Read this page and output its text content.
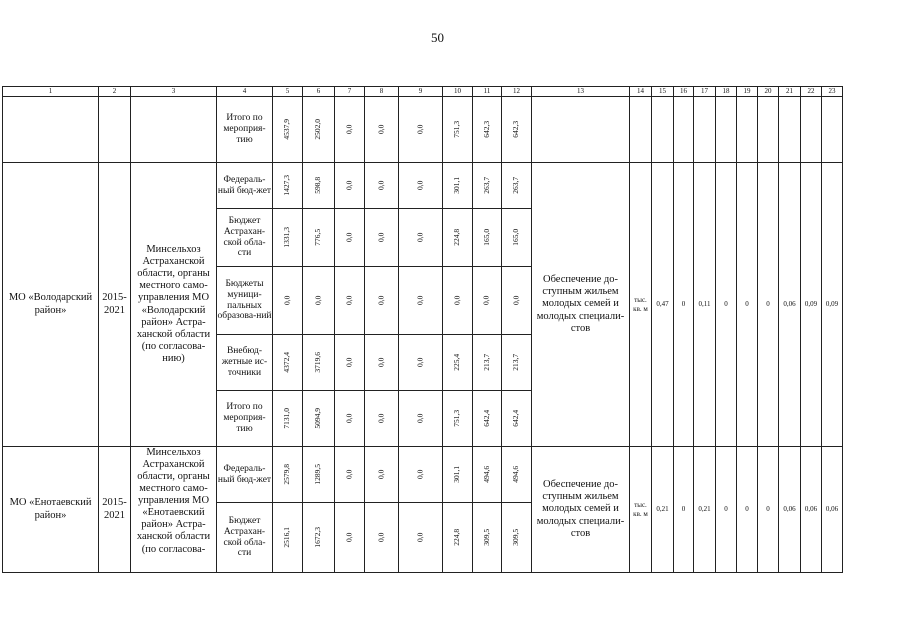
50
1	2	3	4	5	6	7	8	9	10	11	12	13	14	15	16	17	18	19	20	21	22	23
			Итого по мероприя-тию	4537,9	2502,0	0,0	0,0	0,0	751,3	642,3	642,3											
МО «Володарский район»	2015-2021	Минсельхоз Астраханской области, органы местного само-управления МО «Володарский район» Астра-ханской области (по согласова-нию)	Федераль-ный бюд-жет	1427,3	598,8	0,0	0,0	0,0	301,1	263,7	263,7	Обеспечение до-ступным жильем молодых семей и молодых специали-стов	тыс. кв. м	0,47	0	0,11	0	0	0	0,06	0,09	0,09
			Бюджет Астрахан-ской обла-сти	1331,3	776,5	0,0	0,0	0,0	224,8	165,0	165,0											
			Бюджеты муници-пальных образова-ний	0,0	0,0	0,0	0,0	0,0	0,0	0,0	0,0											
			Внебюд-жетные ис-точники	4372,4	3719,6	0,0	0,0	0,0	225,4	213,7	213,7											
			Итого по мероприя-тию	7131,0	5094,9	0,0	0,0	0,0	751,3	642,4	642,4											
МО «Енотаевский район»	2015-2021	Минсельхоз Астраханской области, органы местного само-управления МО «Енотаевский район» Астра-ханской области (по согласова-	Федераль-ный бюд-жет	2579,8	1289,5	0,0	0,0	0,0	301,1	494,6	494,6	Обеспечение до-ступным жильем молодых семей и молодых специали-стов	тыс. кв. м	0,21	0	0,21	0	0	0	0,06	0,06	0,06
			Бюджет Астрахан-ской обла-сти	2516,1	1672,3	0,0	0,0	0,0	224,8	309,5	309,5											
